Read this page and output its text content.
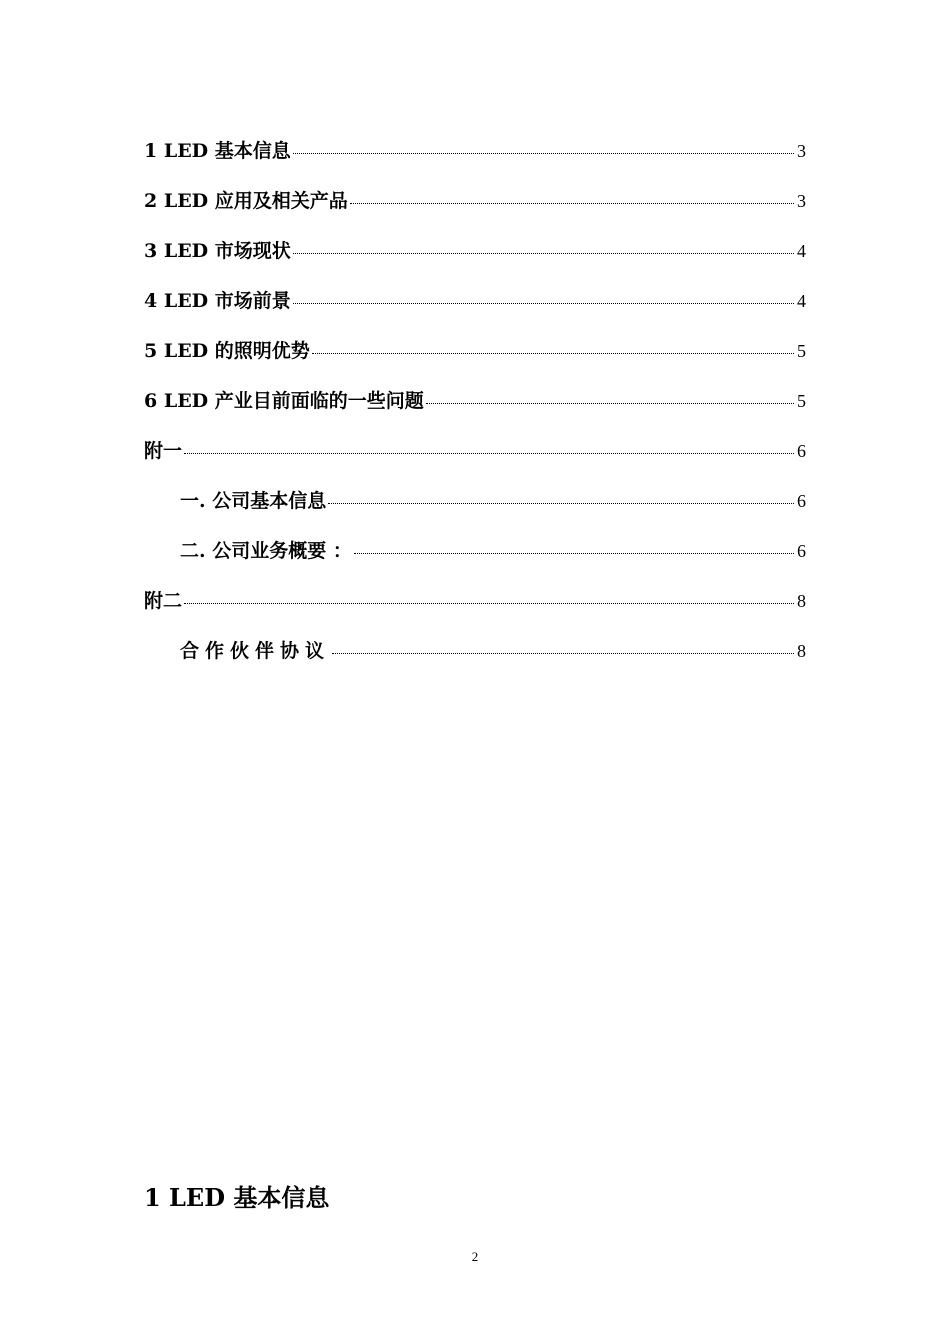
1 LED 基本信息	3
2 LED 应用及相关产品	3
3 LED 市场现状	4
4 LED 市场前景	4
5 LED 的照明优势	5
6 LED 产业目前面临的一些问题	5
附一	6
一. 公司基本信息	6
二. 公司业务概要 ：	6
附二	8
合作伙伴协议	8
1 LED 基本信息
2
